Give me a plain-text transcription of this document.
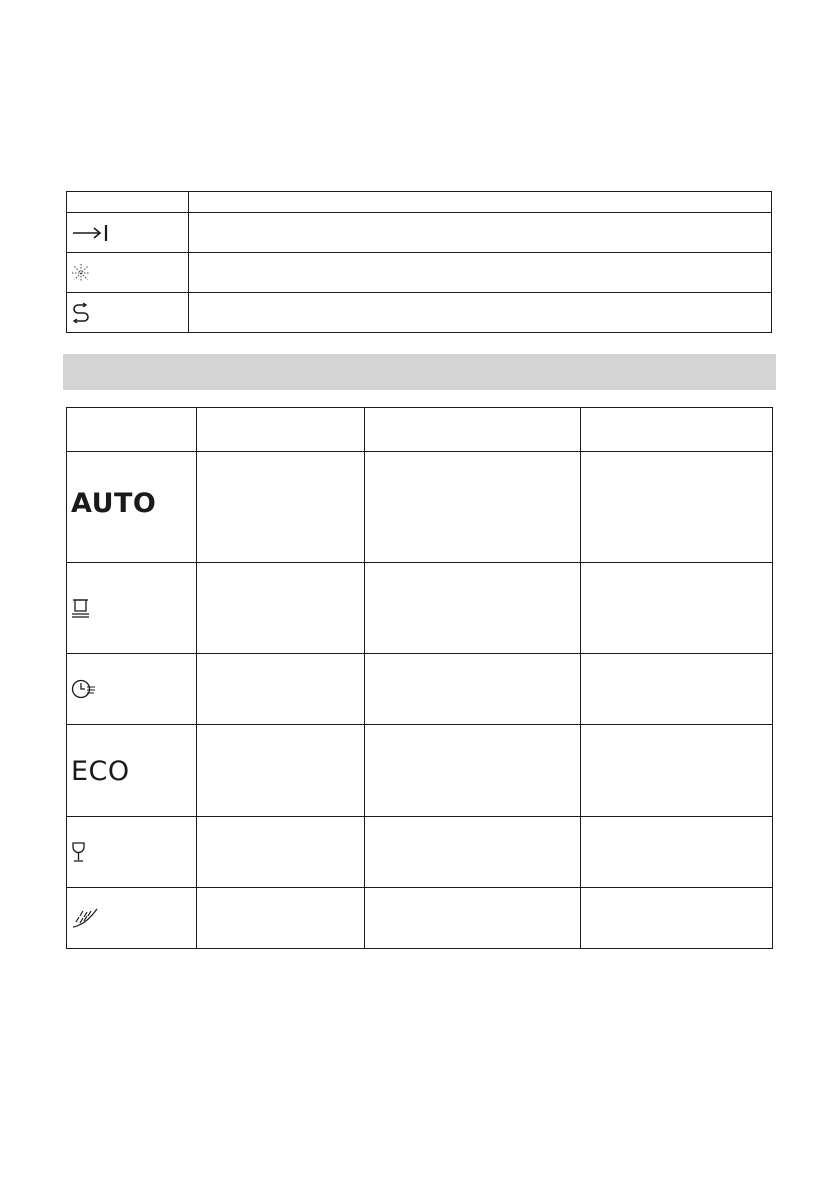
AUTO			

ECO			
